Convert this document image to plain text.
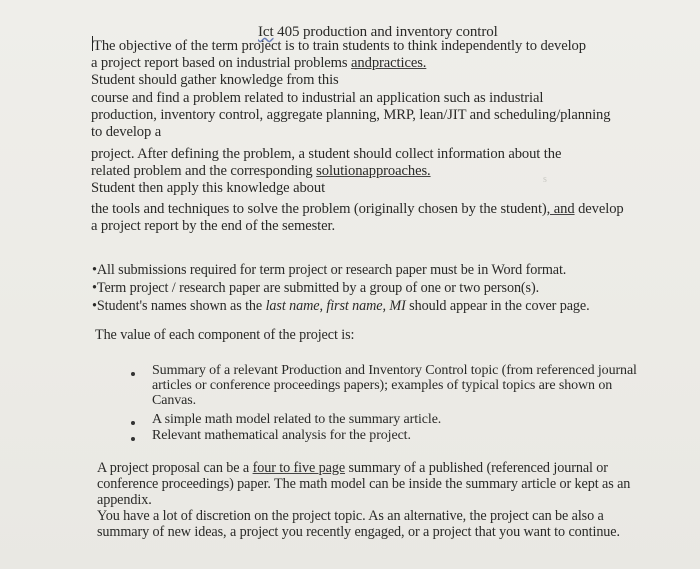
Ict 405 production and inventory control
The objective of the term project is to train students to think independently to develop
a project report based on industrial problems andpractices.
Student should gather knowledge from this
course and find a problem related to industrial an application such as industrial
production, inventory control, aggregate planning, MRP, lean/JIT and scheduling/planning
to develop a
project. After defining the problem, a student should collect information about the
related problem and the corresponding solutionapproaches.
Student then apply this knowledge about
the tools and techniques to solve the problem (originally chosen by the student), and develop
a project report by the end of the semester.
s
•All submissions required for term project or research paper must be in Word format.
•Term project / research paper are submitted by a group of one or two person(s).
•Student's names shown as the last name, first name, MI should appear in the cover page.
The value of each component of the project is:
Summary of a relevant Production and Inventory Control topic (from referenced journal
articles or conference proceedings papers); examples of typical topics are shown on
Canvas.
A simple math model related to the summary article.
Relevant mathematical analysis for the project.
A project proposal can be a four to five page summary of a published (referenced journal or
conference proceedings) paper. The math model can be inside the summary article or kept as an
appendix.
You have a lot of discretion on the project topic. As an alternative, the project can be also a
summary of new ideas, a project you recently engaged, or a project that you want to continue.
